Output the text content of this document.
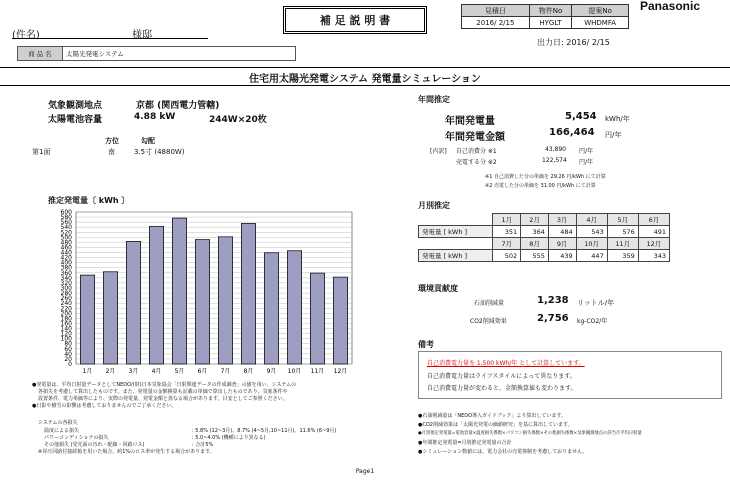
(件名)	様邸
補 足 説 明 書
見積日	物件No	提案No
2016/ 2/15	HYGLT	WHDMFA
Panasonic
出力日: 2016/ 2/15
商 品 名	太陽光発電システム
住宅用太陽光発電システム 発電量シミュレーション
気象観測地点	京都 (関西電力管轄)
太陽電池容量	4.88 kW	244W×20枚
方位	勾配
第1面	南	3.5寸 (4880W)
推定発電量〔 kWh 〕
0
20
40
60
80
100
120
140
160
180
200
220
240
260
280
300
320
340
360
380
400
420
440
460
480
500
520
540
560
580
600
1月 2月 3月 4月 5月 6月 7月 8月 9月 10月 11月 12月
年間推定
年間発電量	5,454 kWh/年
年間発電金額	166,464 円/年
[内訳] 自己消費分 ※1	43,890 円/年
売電する分 ※2	122,574 円/年
※1 自己消費した分の単価を 29.26 円/kWh にて計算
※2 売電した分の単価を 31.00 円/kWh にて計算
月別推定
	1月	2月	3月	4月	5月	6月
発電量 [ kWh ]	351	364	484	543	576	491
	7月	8月	9月	10月	11月	12月
発電量 [ kWh ]	502	555	439	447	359	343
環境貢献度
石油削減量	1,238 リットル/年
CO2削減効果	2,756 kg-CO2/年
備考
自己消費電力量を 1,500 kWh/年 として計算しています。
自己消費電力量はライフスタイルによって異なります。
自己消費電力量が変わると、金額換算値も変わります。
●発電量は、平均日射量データとしてNEDO/(財)日本気象協会「日射関連データの作成調査」の値を用い、システムの
各損失を考慮して算出したものです。また、発電量の金額換算も記載の単価で算出したものであり、気象条件や
設置条件、電力単価等により、実際の発電量、発電金額と異なる場合があります。目安としてご参照ください。
●日影や積雪の影響は考慮しておりませんのでご了承ください。
システムの各損失
温度による損失	: 5.8% (12~3月)、8.7% (4~5月,10~11月)、11.6% (6~9月)
パワーコンディショナの損失	: 5.0~4.0% (機種により異なる)
その他損失 (受光面の汚れ・配線・回路ロス)	: 合計5%
※昇圧回路付接続箱を用いた場合、約1%のロス率が発生する場合があります。
●石油削減量は「NEDO導入ガイドブック」より算出しています。
●CO2削減効果は「太陽光発電の価値研究」を基に算出しています。
●月別推定発電量=電池容量×温度損失係数×パワコン損失係数×その他損失係数×気象観測地点の該当月平均日射量
●年間推定発電量=月別推定発電量の合計
●シミュレーション数値には、電力会社の売電抑制を考慮しておりません。
Page1
